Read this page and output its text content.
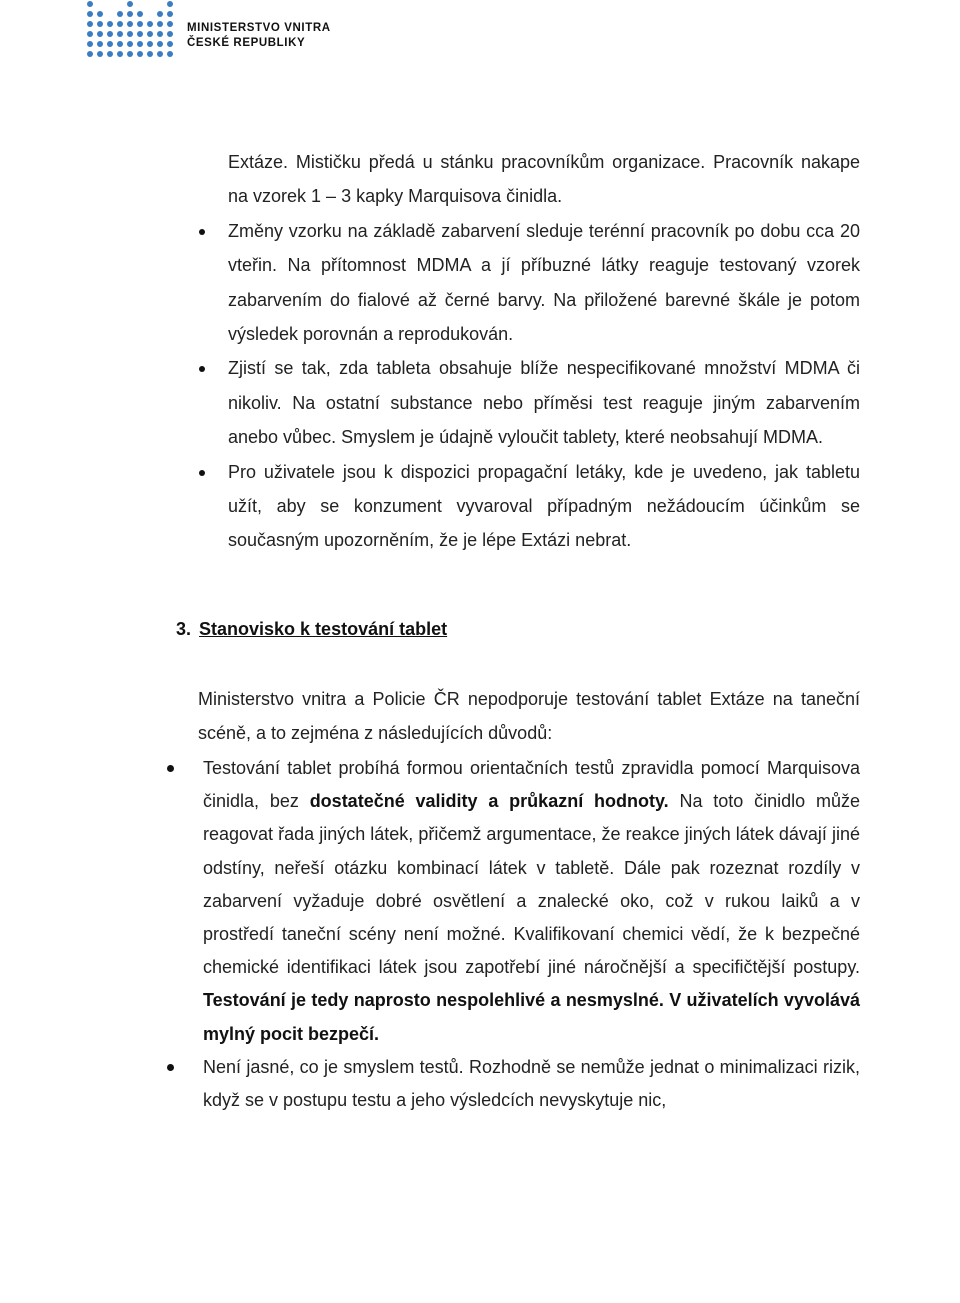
MINISTERSTVO VNITRA
ČESKÉ REPUBLIKY

Extáze. Mističku předá u stánku pracovníkům organizace. Pracovník nakape na vzorek 1 – 3 kapky Marquisova činidla.

Změny vzorku na základě zabarvení sleduje terénní pracovník po dobu cca 20 vteřin. Na přítomnost MDMA a jí příbuzné látky reaguje testovaný vzorek zabarvením do fialové až černé barvy. Na přiložené barevné škále je potom výsledek porovnán a reprodukován.

Zjistí se tak, zda tableta obsahuje blíže nespecifikované množství MDMA či nikoliv. Na ostatní substance nebo příměsi test reaguje jiným zabarvením anebo vůbec. Smyslem je údajně vyloučit tablety, které neobsahují MDMA.

Pro uživatele jsou k dispozici propagační letáky, kde je uvedeno, jak tabletu užít, aby se konzument vyvaroval případným nežádoucím účinkům se současným upozorněním, že je lépe Extázi nebrat.

3. Stanovisko k testování tablet

Ministerstvo vnitra a Policie ČR nepodporuje testování tablet Extáze na taneční scéně, a to zejména z následujících důvodů:

Testování tablet probíhá formou orientačních testů zpravidla pomocí Marquisova činidla, bez dostatečné validity a průkazní hodnoty. Na toto činidlo může reagovat řada jiných látek, přičemž argumentace, že reakce jiných látek dávají jiné odstíny, neřeší otázku kombinací látek v tabletě. Dále pak rozeznat rozdíly v zabarvení vyžaduje dobré osvětlení a znalecké oko, což v rukou laiků a v prostředí taneční scény není možné. Kvalifikovaní chemici vědí, že k bezpečné chemické identifikaci látek jsou zapotřebí jiné náročnější a specifičtější postupy. Testování je tedy naprosto nespolehlivé a nesmyslné. V uživatelích vyvolává mylný pocit bezpečí.

Není jasné, co je smyslem testů. Rozhodně se nemůže jednat o minimalizaci rizik, když se v postupu testu a jeho výsledcích nevyskytuje nic,
